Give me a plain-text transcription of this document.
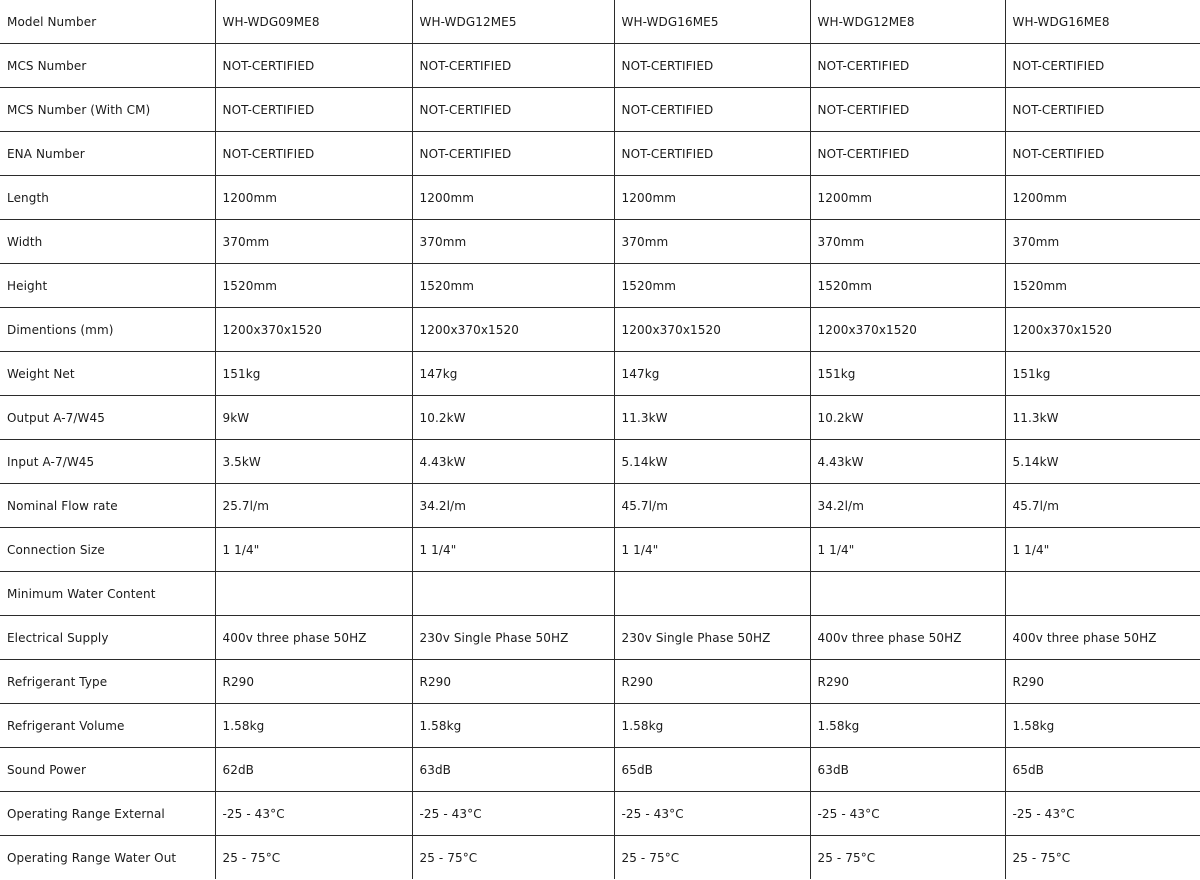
Model Number	WH-WDG09ME8	WH-WDG12ME5	WH-WDG16ME5	WH-WDG12ME8	WH-WDG16ME8
MCS Number	NOT-CERTIFIED	NOT-CERTIFIED	NOT-CERTIFIED	NOT-CERTIFIED	NOT-CERTIFIED
MCS Number (With CM)	NOT-CERTIFIED	NOT-CERTIFIED	NOT-CERTIFIED	NOT-CERTIFIED	NOT-CERTIFIED
ENA Number	NOT-CERTIFIED	NOT-CERTIFIED	NOT-CERTIFIED	NOT-CERTIFIED	NOT-CERTIFIED
Length	1200mm	1200mm	1200mm	1200mm	1200mm
Width	370mm	370mm	370mm	370mm	370mm
Height	1520mm	1520mm	1520mm	1520mm	1520mm
Dimentions (mm)	1200x370x1520	1200x370x1520	1200x370x1520	1200x370x1520	1200x370x1520
Weight Net	151kg	147kg	147kg	151kg	151kg
Output A-7/W45	9kW	10.2kW	11.3kW	10.2kW	11.3kW
Input A-7/W45	3.5kW	4.43kW	5.14kW	4.43kW	5.14kW
Nominal Flow rate	25.7l/m	34.2l/m	45.7l/m	34.2l/m	45.7l/m
Connection Size	1 1/4"	1 1/4"	1 1/4"	1 1/4"	1 1/4"
Minimum Water Content					
Electrical Supply	400v three phase 50HZ	230v Single Phase 50HZ	230v Single Phase 50HZ	400v three phase 50HZ	400v three phase 50HZ
Refrigerant Type	R290	R290	R290	R290	R290
Refrigerant Volume	1.58kg	1.58kg	1.58kg	1.58kg	1.58kg
Sound Power	62dB	63dB	65dB	63dB	65dB
Operating Range External	-25 - 43°C	-25 - 43°C	-25 - 43°C	-25 - 43°C	-25 - 43°C
Operating Range Water Out	25 - 75°C	25 - 75°C	25 - 75°C	25 - 75°C	25 - 75°C
